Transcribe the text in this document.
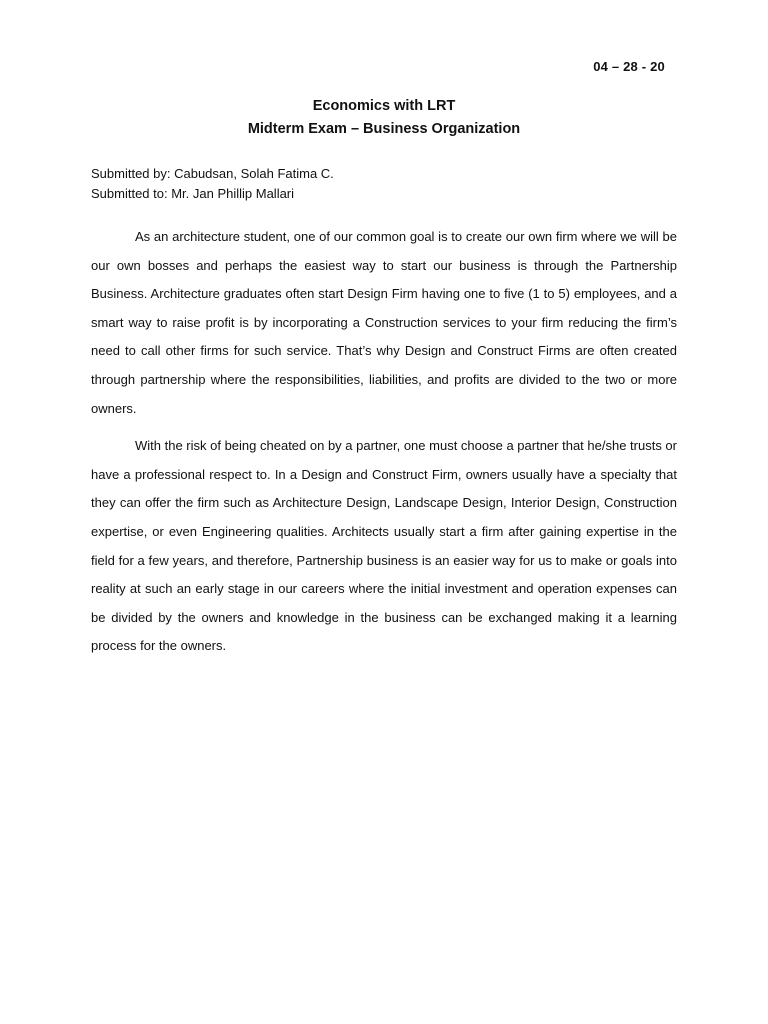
04 – 28 - 20
Economics with LRT
Midterm Exam – Business Organization
Submitted by: Cabudsan, Solah Fatima C.
Submitted to: Mr. Jan Phillip Mallari

As an architecture student, one of our common goal is to create our own firm where we will be our own bosses and perhaps the easiest way to start our business is through the Partnership Business. Architecture graduates often start Design Firm having one to five (1 to 5) employees, and a smart way to raise profit is by incorporating a Construction services to your firm reducing the firm’s need to call other firms for such service. That’s why Design and Construct Firms are often created through partnership where the responsibilities, liabilities, and profits are divided to the two or more owners.

With the risk of being cheated on by a partner, one must choose a partner that he/she trusts or have a professional respect to. In a Design and Construct Firm, owners usually have a specialty that they can offer the firm such as Architecture Design, Landscape Design, Interior Design, Construction expertise, or even Engineering qualities. Architects usually start a firm after gaining expertise in the field for a few years, and therefore, Partnership business is an easier way for us to make or goals into reality at such an early stage in our careers where the initial investment and operation expenses can be divided by the owners and knowledge in the business can be exchanged making it a learning process for the owners.
